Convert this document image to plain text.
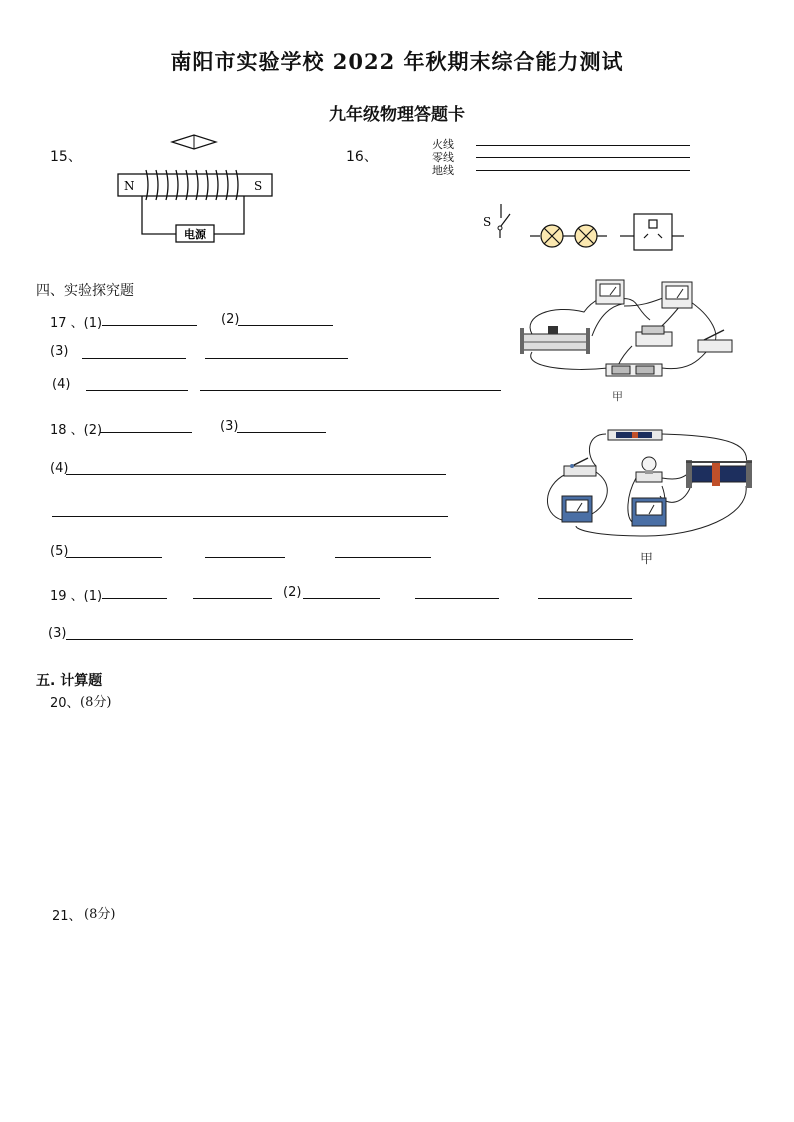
南阳市实验学校 2022 年秋期末综合能力测试
九年级物理答题卡
15、
N	S
电源
16、
火线
零线
地线
S
四、实验探究题
17 、(1)	(2)
(3)
(4)
甲
18 、(2)	(3)
(4)
(5)
甲
19 、(1)	(2)
(3)
五. 计算题
20、 (8分)
21、 (8分)
